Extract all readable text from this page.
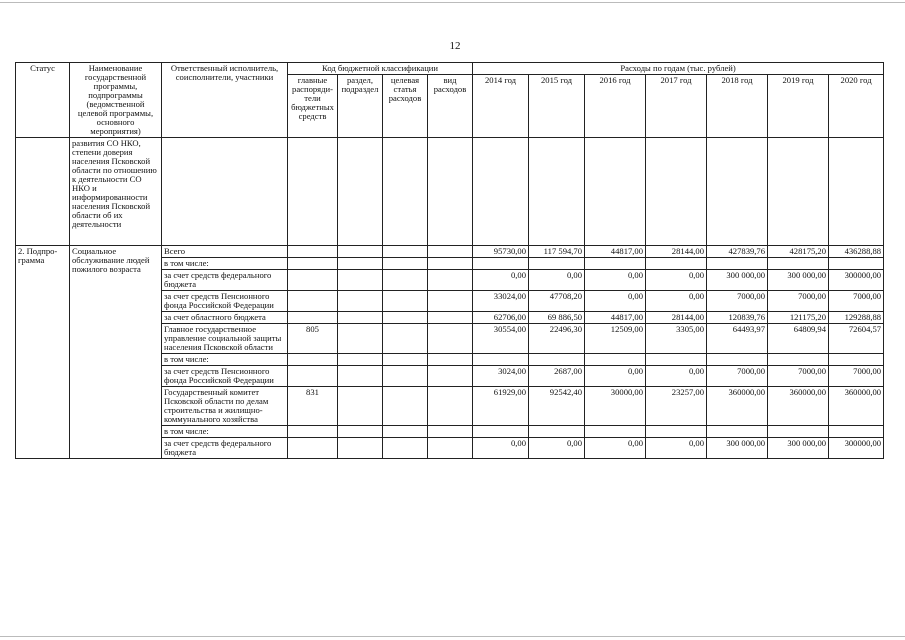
12
Статус	Наименование государственной программы, подпрограммы (ведомственной целевой программы, основного мероприятия)	Ответственный исполнитель, соисполнители, участники	Код бюджетной классификации				Расходы по годам (тыс. рублей)						
			главные распоряди-тели бюджетных средств	раздел, подраздел	целевая статья расходов	вид расходов	2014 год	2015 год	2016 год	2017 год	2018 год	2019 год	2020 год
	развития СО НКО, степени доверия населения Псковской области по отношению к деятельности СО НКО и информированности населения Псковской области об их деятельности												
2. Подпро-грамма	Социальное обслуживание людей пожилого возраста	Всего					95730,00	117 594,70	44817,00	28144,00	427839,76	428175,20	436288,88
		в том числе:											
		за счет средств федерального бюджета					0,00	0,00	0,00	0,00	300 000,00	300 000,00	300000,00
		за счет средств Пенсионного фонда Российской Федерации					33024,00	47708,20	0,00	0,00	7000,00	7000,00	7000,00
		за счет областного бюджета					62706,00	69 886,50	44817,00	28144,00	120839,76	121175,20	129288,88
		Главное государственное управление социальной защиты населения Псковской области	805				30554,00	22496,30	12509,00	3305,00	64493,97	64809,94	72604,57
		в том числе:											
		за счет средств Пенсионного фонда Российской Федерации					3024,00	2687,00	0,00	0,00	7000,00	7000,00	7000,00
		Государственный комитет Псковской области по делам строительства и жилищно-коммунального хозяйства	831				61929,00	92542,40	30000,00	23257,00	360000,00	360000,00	360000,00
		в том числе:											
		за счет средств федерального бюджета					0,00	0,00	0,00	0,00	300 000,00	300 000,00	300000,00
